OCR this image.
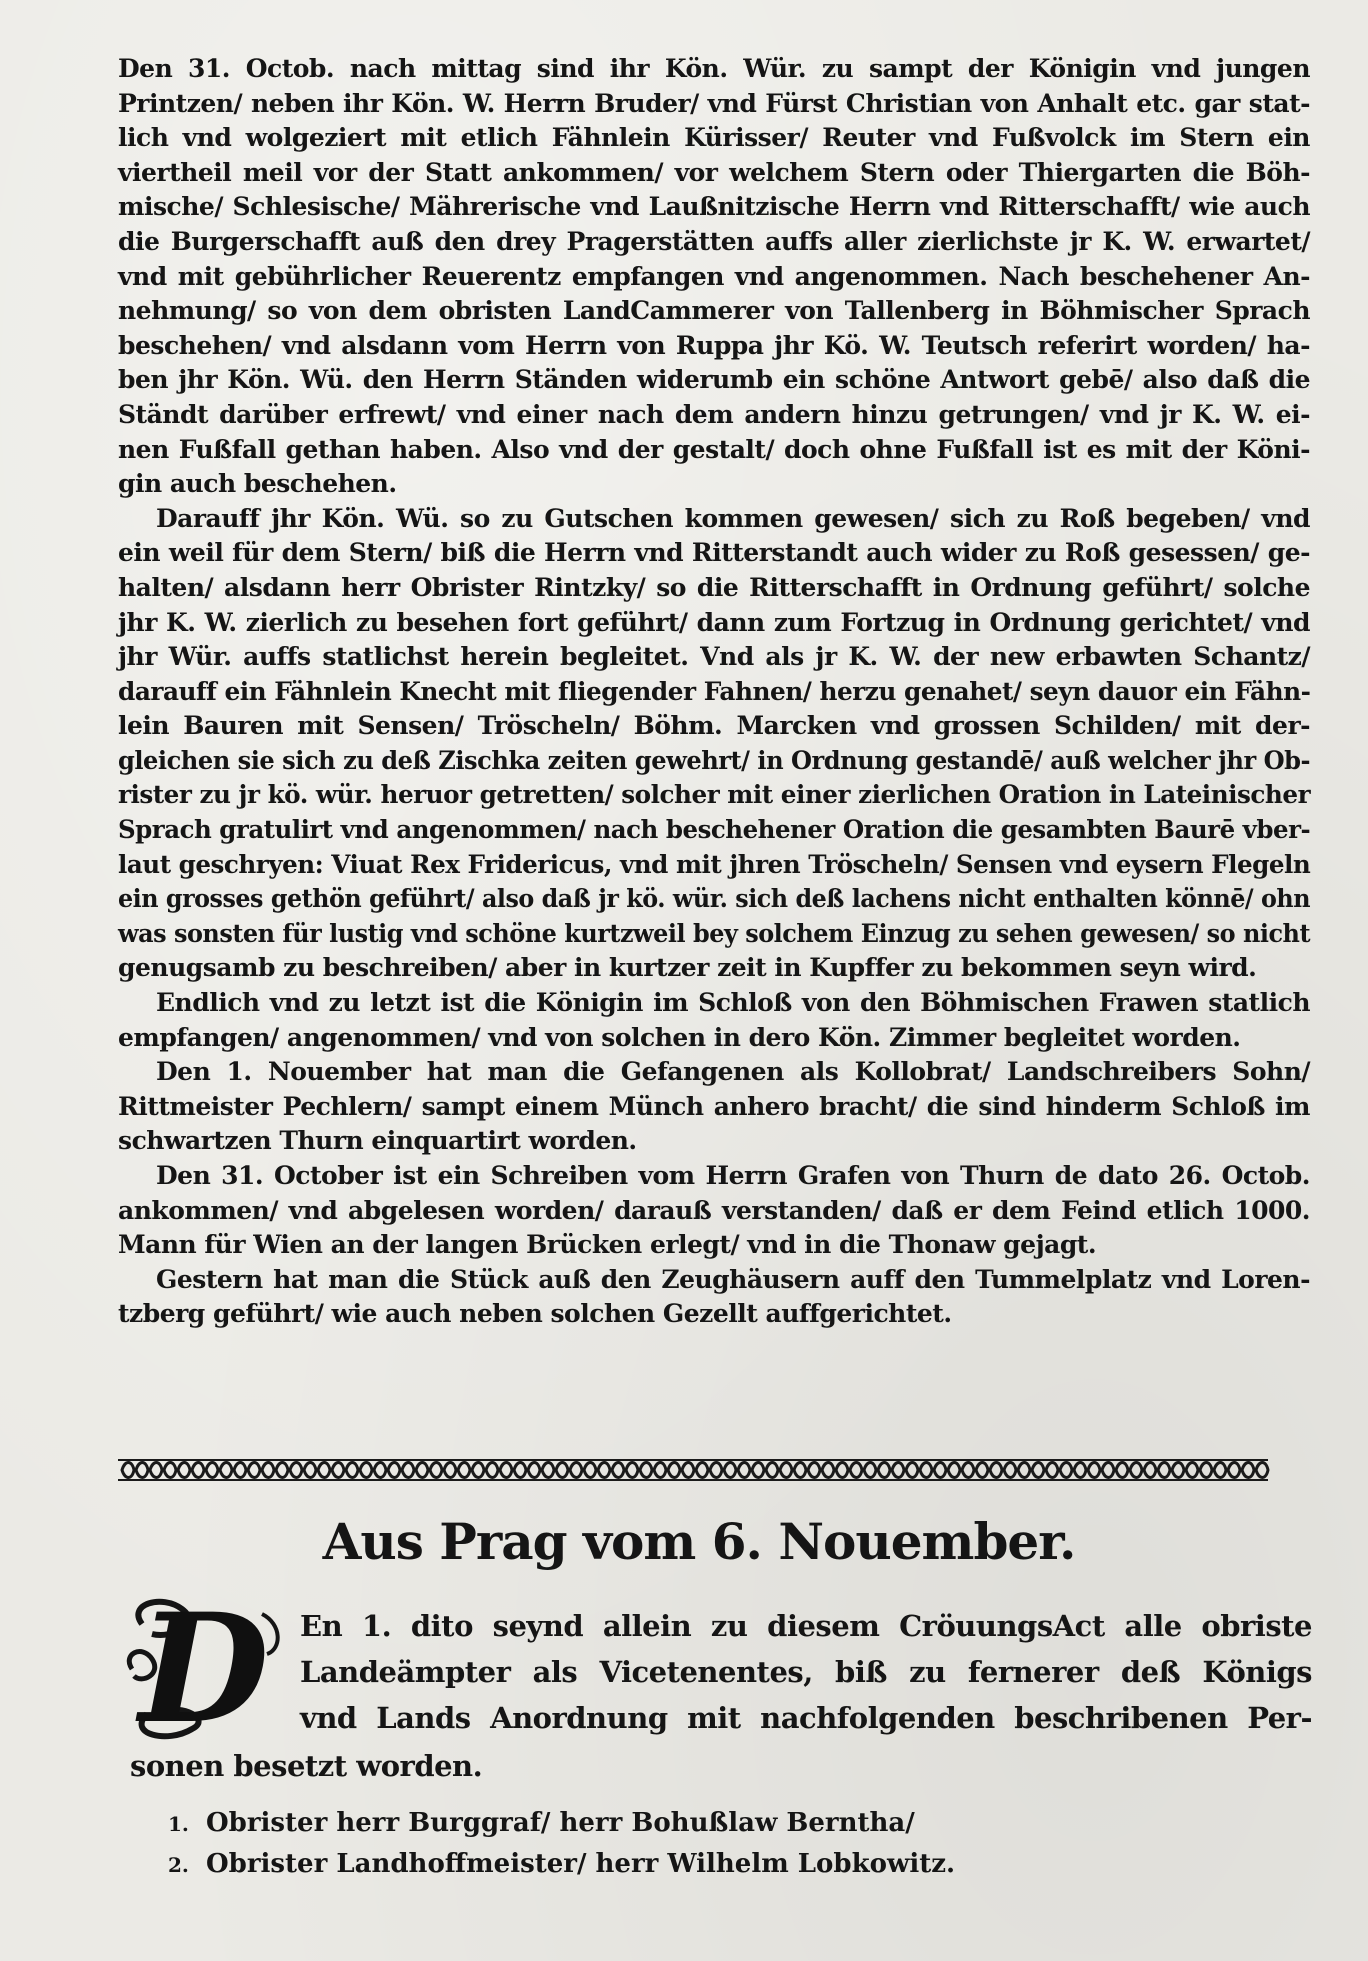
Den 31. Octob. nach mittag sind ihr Kön. Wür. zu sampt der Königin vnd jungen
Printzen/ neben ihr Kön. W. Herrn Bruder/ vnd Fürst Christian von Anhalt etc. gar stat-
lich vnd wolgeziert mit etlich Fähnlein Kürisser/ Reuter vnd Fußvolck im Stern ein
viertheil meil vor der Statt ankommen/ vor welchem Stern oder Thiergarten die Böh-
mische/ Schlesische/ Mährerische vnd Laußnitzische Herrn vnd Ritterschafft/ wie auch
die Burgerschafft auß den drey Pragerstätten auffs aller zierlichste jr K. W. erwartet/
vnd mit gebührlicher Reuerentz empfangen vnd angenommen. Nach beschehener An-
nehmung/ so von dem obristen LandCammerer von Tallenberg in Böhmischer Sprach
beschehen/ vnd alsdann vom Herrn von Ruppa jhr Kö. W. Teutsch referirt worden/ ha-
ben jhr Kön. Wü. den Herrn Ständen widerumb ein schöne Antwort gebē/ also daß die
Ständt darüber erfrewt/ vnd einer nach dem andern hinzu getrungen/ vnd jr K. W. ei-
nen Fußfall gethan haben. Also vnd der gestalt/ doch ohne Fußfall ist es mit der Köni-
gin auch beschehen.
Darauff jhr Kön. Wü. so zu Gutschen kommen gewesen/ sich zu Roß begeben/ vnd
ein weil für dem Stern/ biß die Herrn vnd Ritterstandt auch wider zu Roß gesessen/ ge-
halten/ alsdann herr Obrister Rintzky/ so die Ritterschafft in Ordnung geführt/ solche
jhr K. W. zierlich zu besehen fort geführt/ dann zum Fortzug in Ordnung gerichtet/ vnd
jhr Wür. auffs statlichst herein begleitet. Vnd als jr K. W. der new erbawten Schantz/
darauff ein Fähnlein Knecht mit fliegender Fahnen/ herzu genahet/ seyn dauor ein Fähn-
lein Bauren mit Sensen/ Tröscheln/ Böhm. Marcken vnd grossen Schilden/ mit der-
gleichen sie sich zu deß Zischka zeiten gewehrt/ in Ordnung gestandē/ auß welcher jhr Ob-
rister zu jr kö. wür. heruor getretten/ solcher mit einer zierlichen Oration in Lateinischer
Sprach gratulirt vnd angenommen/ nach beschehener Oration die gesambten Baurē vber-
laut geschryen: Viuat Rex Fridericus, vnd mit jhren Tröscheln/ Sensen vnd eysern Flegeln
ein grosses gethön geführt/ also daß jr kö. wür. sich deß lachens nicht enthalten könnē/ ohn
was sonsten für lustig vnd schöne kurtzweil bey solchem Einzug zu sehen gewesen/ so nicht
genugsamb zu beschreiben/ aber in kurtzer zeit in Kupffer zu bekommen seyn wird.
Endlich vnd zu letzt ist die Königin im Schloß von den Böhmischen Frawen statlich
empfangen/ angenommen/ vnd von solchen in dero Kön. Zimmer begleitet worden.
Den 1. Nouember hat man die Gefangenen als Kollobrat/ Landschreibers Sohn/
Rittmeister Pechlern/ sampt einem Münch anhero bracht/ die sind hinderm Schloß im
schwartzen Thurn einquartirt worden.
Den 31. October ist ein Schreiben vom Herrn Grafen von Thurn de dato 26. Octob.
ankommen/ vnd abgelesen worden/ darauß verstanden/ daß er dem Feind etlich 1000.
Mann für Wien an der langen Brücken erlegt/ vnd in die Thonaw gejagt.
Gestern hat man die Stück auß den Zeughäusern auff den Tummelplatz vnd Loren-
tzberg geführt/ wie auch neben solchen Gezellt auffgerichtet.
Aus Prag vom 6. Nouember.
D	En 1. dito seynd allein zu diesem CröuungsAct alle obriste
Landeämpter als Vicetenentes, biß zu fernerer deß Königs
vnd Lands Anordnung mit nachfolgenden beschribenen Per-
sonen besetzt worden.
1. Obrister herr Burggraf/ herr Bohußlaw Berntha/
2. Obrister Landhoffmeister/ herr Wilhelm Lobkowitz.
